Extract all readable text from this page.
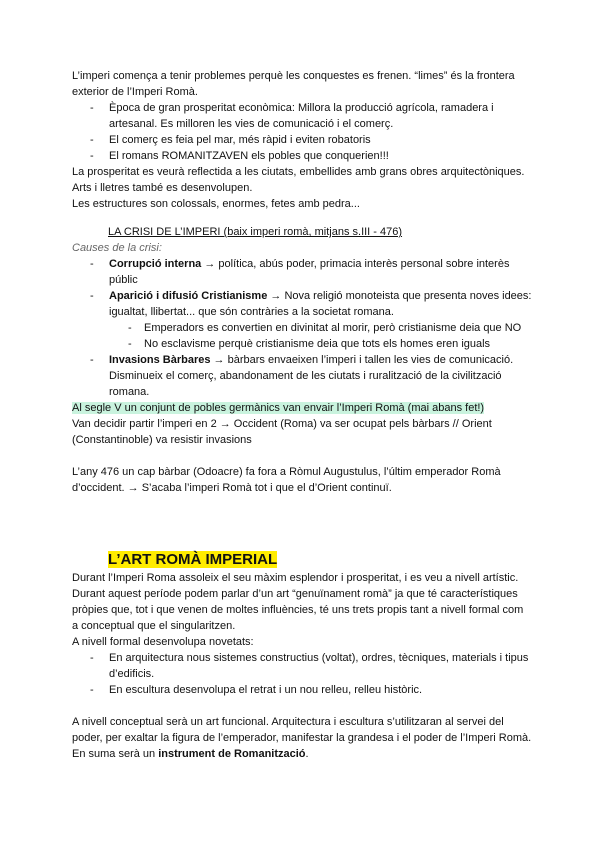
L’imperi comença a tenir problemes perquè les conquestes es frenen. “limes” és la frontera exterior de l’Imperi Romà.

- Època de gran prosperitat econòmica: Millora la producció agrícola, ramadera i artesanal. Es milloren les vies de comunicació i el comerç.
- El comerç es feia pel mar, més ràpid i eviten robatoris
- El romans ROMANITZAVEN els pobles que conquerien!!!

La prosperitat es veurà reflectida a les ciutats, embellides amb grans obres arquitectòniques. Arts i lletres també es desenvolupen.

Les estructures son colossals, enormes, fetes amb pedra...

LA CRISI DE L’IMPERI (baix imperi romà, mitjans s.III - 476)

Causes de la crisi:

- Corrupció interna → política, abús poder, primacia interès personal sobre interès públic
- Aparició i difusió Cristianisme → Nova religió monoteista que presenta noves idees: igualtat, llibertat... que són contràries a la societat romana.
- Emperadors es convertien en divinitat al morir, però cristianisme deia que NO
- No esclavisme perquè cristianisme deia que tots els homes eren iguals
- Invasions Bàrbares → bàrbars envaeixen l’imperi i tallen les vies de comunicació. Disminueix el comerç, abandonament de les ciutats i ruralització de la civilització romana.

Al segle V un conjunt de pobles germànics van envair l’Imperi Romà (mai abans fet!)

Van decidir partir l’imperi en 2 → Occident (Roma) va ser ocupat pels bàrbars // Orient (Constantinoble) va resistir invasions

L’any 476 un cap bàrbar (Odoacre) fa fora a Ròmul Augustulus, l’últim emperador Romà d’occident. → S’acaba l’imperi Romà tot i que el d’Orient continuï.

L’ART ROMÀ IMPERIAL

Durant l’Imperi Roma assoleix el seu màxim esplendor i prosperitat, i es veu a nivell artístic. Durant aquest període podem parlar d’un art “genuïnament romà” ja que té característiques pròpies que, tot i que venen de moltes influències, té uns trets propis tant a nivell formal com a conceptual que el singularitzen.

A nivell formal desenvolupa novetats:

- En arquitectura nous sistemes constructius (voltat), ordres, tècniques, materials i tipus d’edificis.
- En escultura desenvolupa el retrat i un nou relleu, relleu històric.

A nivell conceptual serà un art funcional. Arquitectura i escultura s’utilitzaran al servei del poder, per exaltar la figura de l’emperador, manifestar la grandesa i el poder de l’Imperi Romà. En suma serà un instrument de Romanització.
